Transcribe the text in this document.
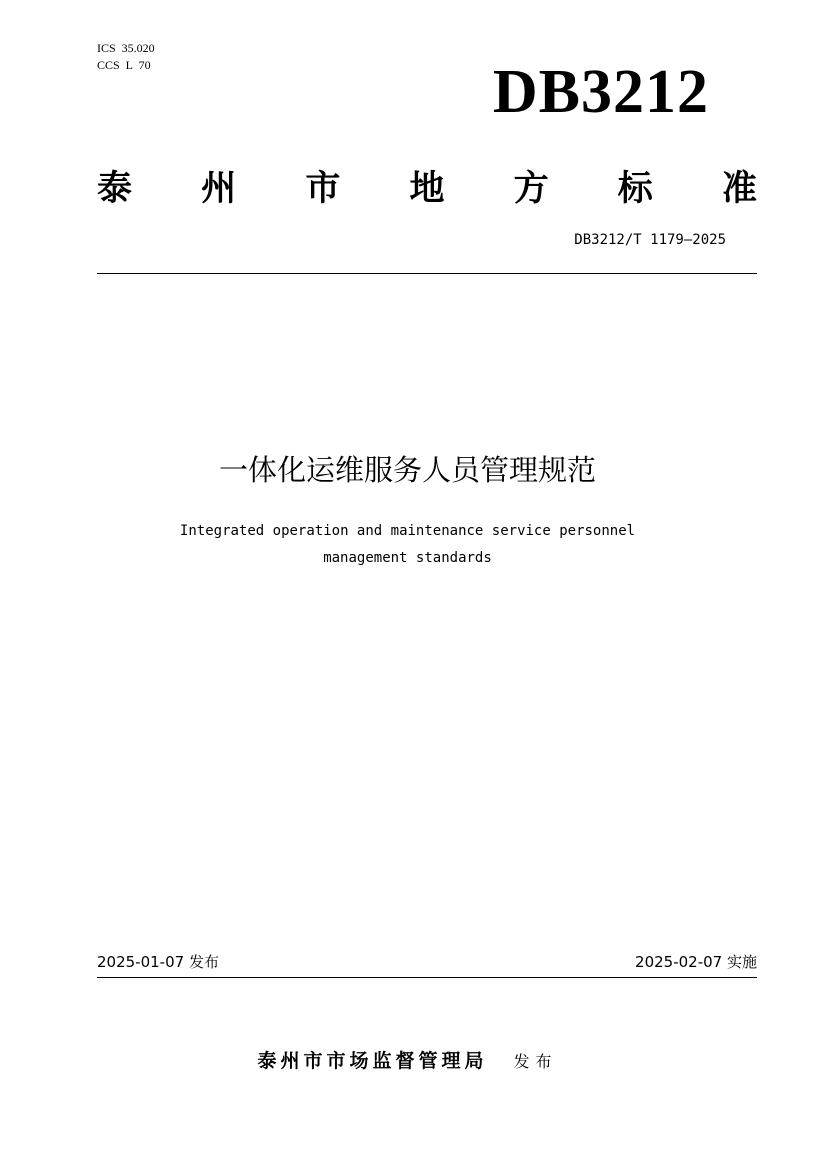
ICS  35.020
CCS  L  70	DB3212
泰 州 市 地 方 标 准
DB3212/T 1179—2025
一体化运维服务人员管理规范
Integrated operation and maintenance service personnel
management standards
2025-01-07 发布	2025-02-07 实施
泰州市市场监督管理局 发布
